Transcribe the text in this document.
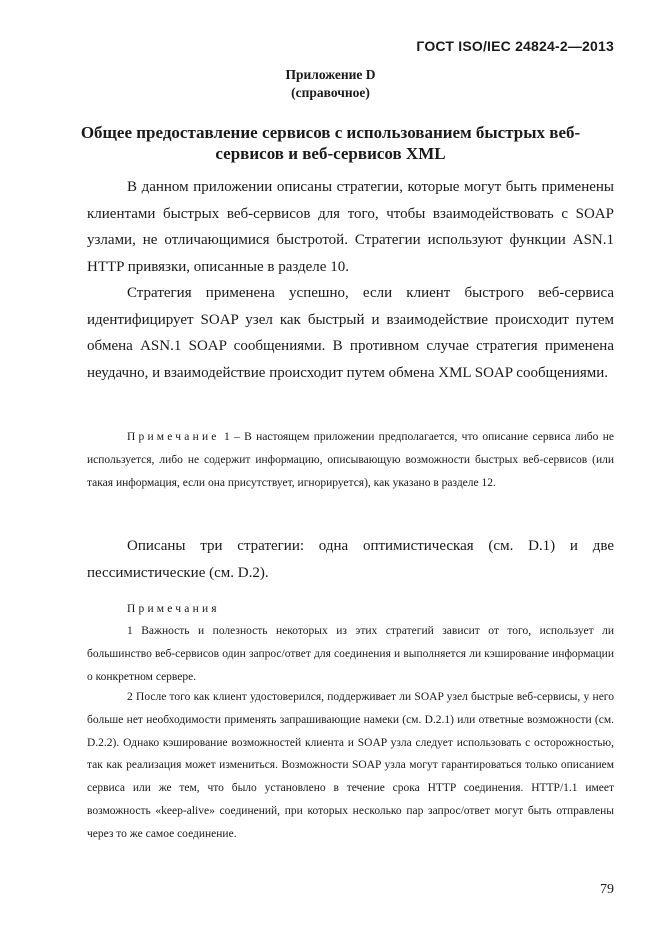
ГОСТ ISO/IEC 24824-2—2013
Приложение D
(справочное)
Общее предоставление сервисов с использованием быстрых веб-
сервисов и веб-сервисов XML

В данном приложении описаны стратегии, которые могут быть применены клиентами быстрых веб-сервисов для того, чтобы взаимодействовать с SOAP узлами, не отличающимися быстротой. Стратегии используют функции ASN.1 HTTP привязки, описанные в разделе 10.

Стратегия применена успешно, если клиент быстрого веб-сервиса идентифицирует SOAP узел как быстрый и взаимодействие происходит путем обмена ASN.1 SOAP сообщениями. В противном случае стратегия применена неудачно, и взаимодействие происходит путем обмена XML SOAP сообщениями.

Примечание 1 – В настоящем приложении предполагается, что описание сервиса либо не используется, либо не содержит информацию, описывающую возможности быстрых веб-сервисов (или такая информация, если она присутствует, игнорируется), как указано в разделе 12.

Описаны три стратегии: одна оптимистическая (см. D.1) и две пессимистические (см. D.2).

Примечания

1 Важность и полезность некоторых из этих стратегий зависит от того, использует ли большинство веб-сервисов один запрос/ответ для соединения и выполняется ли кэширование информации о конкретном сервере.

2 После того как клиент удостоверился, поддерживает ли SOAP узел быстрые веб-сервисы, у него больше нет необходимости применять запрашивающие намеки (см. D.2.1) или ответные возможности (см. D.2.2). Однако кэширование возможностей клиента и SOAP узла следует использовать с осторожностью, так как реализация может измениться. Возможности SOAP узла могут гарантироваться только описанием сервиса или же тем, что было установлено в течение срока HTTP соединения. HTTP/1.1 имеет возможность «keep-alive» соединений, при которых несколько пар запрос/ответ могут быть отправлены через то же самое соединение.

79
